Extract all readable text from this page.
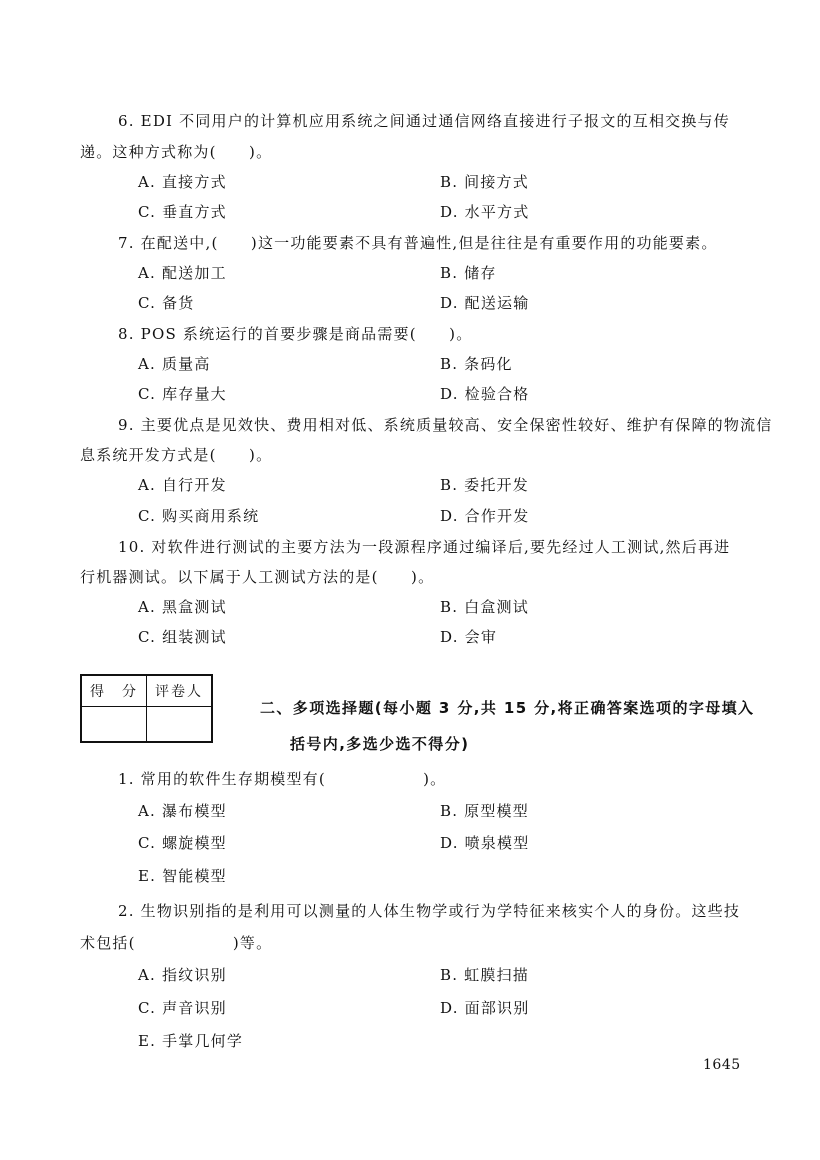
6. EDI 不同用户的计算机应用系统之间通过通信网络直接进行子报文的互相交换与传
递。这种方式称为(　　)。
A. 直接方式	B. 间接方式
C. 垂直方式	D. 水平方式
7. 在配送中,(　　)这一功能要素不具有普遍性,但是往往是有重要作用的功能要素。
A. 配送加工	B. 储存
C. 备货	D. 配送运输
8. POS 系统运行的首要步骤是商品需要(　　)。
A. 质量高	B. 条码化
C. 库存量大	D. 检验合格
9. 主要优点是见效快、费用相对低、系统质量较高、安全保密性较好、维护有保障的物流信
息系统开发方式是(　　)。
A. 自行开发	B. 委托开发
C. 购买商用系统	D. 合作开发
10. 对软件进行测试的主要方法为一段源程序通过编译后,要先经过人工测试,然后再进
行机器测试。以下属于人工测试方法的是(　　)。
A. 黑盒测试	B. 白盒测试
C. 组装测试	D. 会审
得　分	评卷人

二、多项选择题(每小题 3 分,共 15 分,将正确答案选项的字母填入
括号内,多选少选不得分)
1. 常用的软件生存期模型有(　　　　　　)。
A. 瀑布模型	B. 原型模型
C. 螺旋模型	D. 喷泉模型
E. 智能模型
2. 生物识别指的是利用可以测量的人体生物学或行为学特征来核实个人的身份。这些技
术包括(　　　　　　)等。
A. 指纹识别	B. 虹膜扫描
C. 声音识别	D. 面部识别
E. 手掌几何学
1645
